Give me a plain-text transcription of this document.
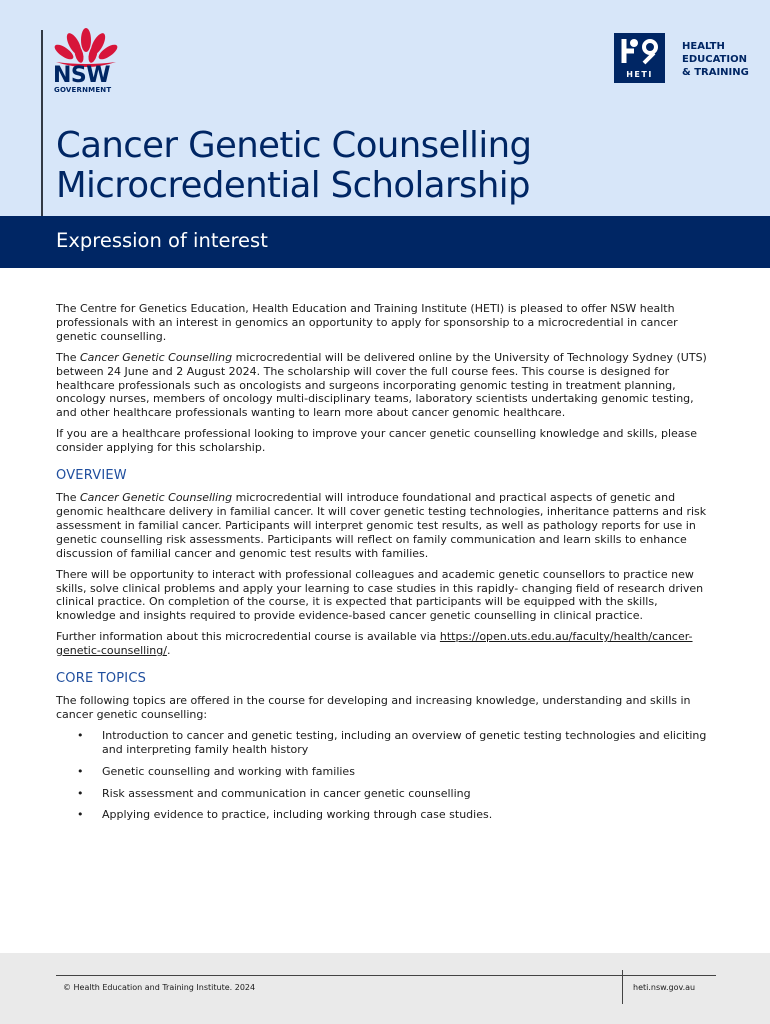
NSW
GOVERNMENT
HETI
HEALTH
EDUCATION
& TRAINING
Cancer Genetic Counselling
Microcredential Scholarship
Expression of interest

The Centre for Genetics Education, Health Education and Training Institute (HETI) is pleased to offer NSW health professionals with an interest in genomics an opportunity to apply for sponsorship to a microcredential in cancer genetic counselling.

The Cancer Genetic Counselling microcredential will be delivered online by the University of Technology Sydney (UTS) between 24 June and 2 August 2024. The scholarship will cover the full course fees. This course is designed for healthcare professionals such as oncologists and surgeons incorporating genomic testing in treatment planning, oncology nurses, members of oncology multi-disciplinary teams, laboratory scientists undertaking genomic testing, and other healthcare professionals wanting to learn more about cancer genomic healthcare.

If you are a healthcare professional looking to improve your cancer genetic counselling knowledge and skills, please consider applying for this scholarship.

OVERVIEW

The Cancer Genetic Counselling microcredential will introduce foundational and practical aspects of genetic and genomic healthcare delivery in familial cancer. It will cover genetic testing technologies, inheritance patterns and risk assessment in familial cancer. Participants will interpret genomic test results, as well as pathology reports for use in genetic counselling risk assessments. Participants will reflect on family communication and learn skills to enhance discussion of familial cancer and genomic test results with families.

There will be opportunity to interact with professional colleagues and academic genetic counsellors to practice new skills, solve clinical problems and apply your learning to case studies in this rapidly- changing field of research driven clinical practice. On completion of the course, it is expected that participants will be equipped with the skills, knowledge and insights required to provide evidence-based cancer genetic counselling in clinical practice.

Further information about this microcredential course is available via https://open.uts.edu.au/faculty/health/cancer-genetic-counselling/.

CORE TOPICS

The following topics are offered in the course for developing and increasing knowledge, understanding and skills in cancer genetic counselling:

• Introduction to cancer and genetic testing, including an overview of genetic testing technologies and eliciting and interpreting family health history
• Genetic counselling and working with families
• Risk assessment and communication in cancer genetic counselling
• Applying evidence to practice, including working through case studies.
© Health Education and Training Institute. 2024	heti.nsw.gov.au
